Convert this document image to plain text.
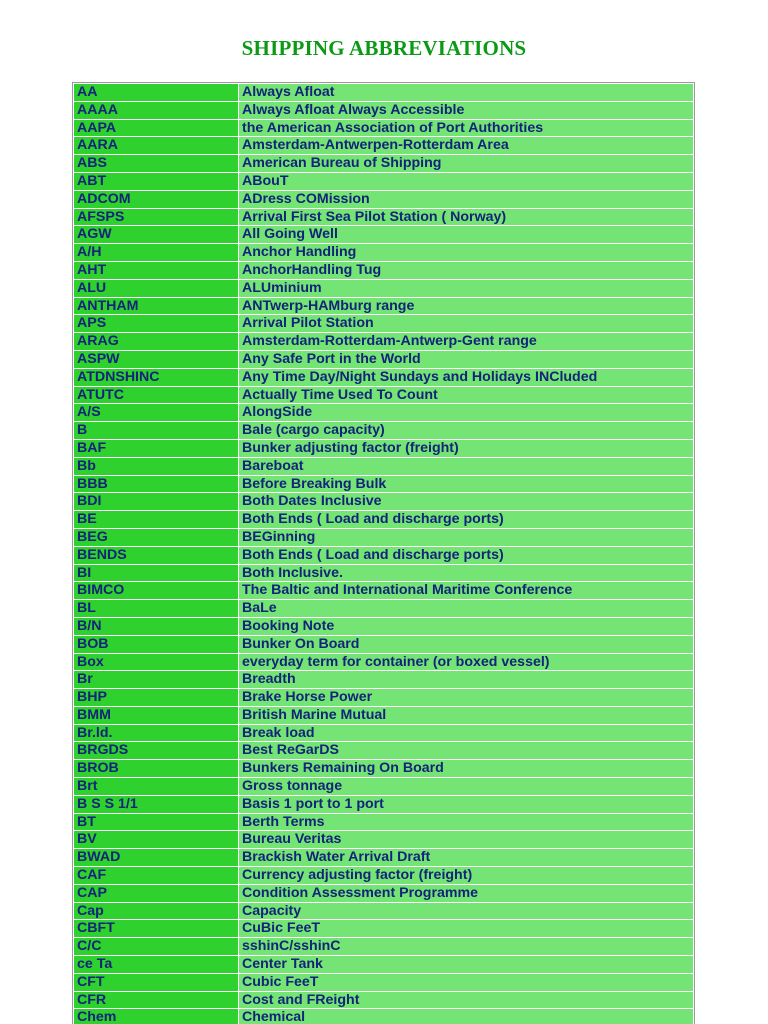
SHIPPING ABBREVIATIONS
AA	Always Afloat
AAAA	Always Afloat Always Accessible
AAPA	the American Association of Port Authorities
AARA	Amsterdam-Antwerpen-Rotterdam Area
ABS	American Bureau of Shipping
ABT	ABouT
ADCOM	ADress COMission
AFSPS	Arrival First Sea Pilot Station ( Norway)
AGW	All Going Well
A/H	Anchor Handling
AHT	AnchorHandling Tug
ALU	ALUminium
ANTHAM	ANTwerp-HAMburg range
APS	Arrival Pilot Station
ARAG	Amsterdam-Rotterdam-Antwerp-Gent range
ASPW	Any Safe Port in the World
ATDNSHINC	Any Time Day/Night Sundays and Holidays INCluded
ATUTC	Actually Time Used To Count
A/S	AlongSide
B	Bale (cargo capacity)
BAF	Bunker adjusting factor (freight)
Bb	Bareboat
BBB	Before Breaking Bulk
BDI	Both Dates Inclusive
BE	Both Ends ( Load and discharge ports)
BEG	BEGinning
BENDS	Both Ends ( Load and discharge ports)
BI	Both Inclusive.
BIMCO	The Baltic and International Maritime Conference
BL	BaLe
B/N	Booking Note
BOB	Bunker On Board
Box	everyday term for container (or boxed vessel)
Br	Breadth
BHP	Brake Horse Power
BMM	British Marine Mutual
Br.ld.	Break load
BRGDS	Best ReGarDS
BROB	Bunkers Remaining On Board
Brt	Gross tonnage
B S S 1/1	Basis 1 port to 1 port
BT	Berth Terms
BV	Bureau Veritas
BWAD	Brackish Water Arrival Draft
CAF	Currency adjusting factor (freight)
CAP	Condition Assessment Programme
Cap	Capacity
CBFT	CuBic FeeT
C/C	sshinC/sshinC
ce Ta	Center Tank
CFT	Cubic FeeT
CFR	Cost and FReight
Chem	Chemical
